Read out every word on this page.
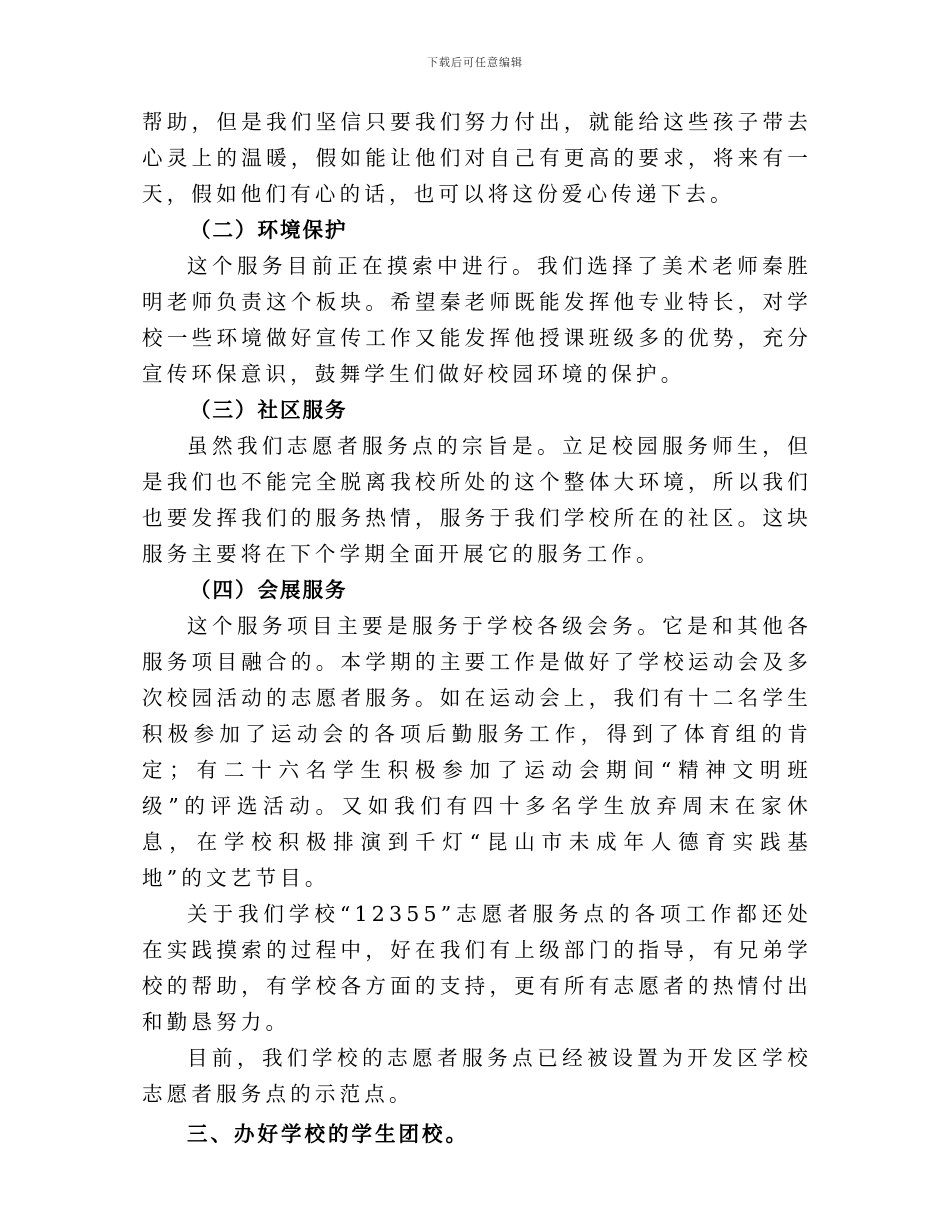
下载后可任意编辑

帮助，但是我们坚信只要我们努力付出，就能给这些孩子带去心灵上的温暖，假如能让他们对自己有更高的要求，将来有一天，假如他们有心的话，也可以将这份爱心传递下去。

（二）环境保护

这个服务目前正在摸索中进行。我们选择了美术老师秦胜明老师负责这个板块。希望秦老师既能发挥他专业特长，对学校一些环境做好宣传工作又能发挥他授课班级多的优势，充分宣传环保意识，鼓舞学生们做好校园环境的保护。

（三）社区服务

虽然我们志愿者服务点的宗旨是。立足校园服务师生，但是我们也不能完全脱离我校所处的这个整体大环境，所以我们也要发挥我们的服务热情，服务于我们学校所在的社区。这块服务主要将在下个学期全面开展它的服务工作。

（四）会展服务

这个服务项目主要是服务于学校各级会务。它是和其他各服务项目融合的。本学期的主要工作是做好了学校运动会及多次校园活动的志愿者服务。如在运动会上，我们有十二名学生积极参加了运动会的各项后勤服务工作，得到了体育组的肯定；有二十六名学生积极参加了运动会期间“精神文明班级”的评选活动。又如我们有四十多名学生放弃周末在家休息，在学校积极排演到千灯“昆山市未成年人德育实践基地”的文艺节目。

关于我们学校“12355”志愿者服务点的各项工作都还处在实践摸索的过程中，好在我们有上级部门的指导，有兄弟学校的帮助，有学校各方面的支持，更有所有志愿者的热情付出和勤恳努力。

目前，我们学校的志愿者服务点已经被设置为开发区学校志愿者服务点的示范点。

三、办好学校的学生团校。
